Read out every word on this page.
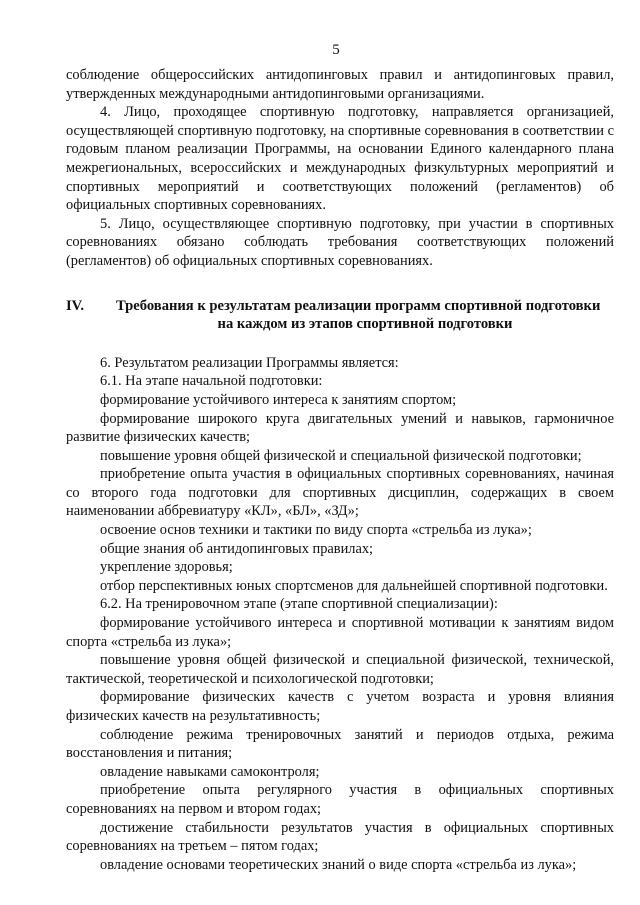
5

соблюдение общероссийских антидопинговых правил и антидопинговых правил, утвержденных международными антидопинговыми организациями.

4. Лицо, проходящее спортивную подготовку, направляется организацией, осуществляющей спортивную подготовку, на спортивные соревнования в соответствии с годовым планом реализации Программы, на основании Единого календарного плана межрегиональных, всероссийских и международных физкультурных мероприятий и спортивных мероприятий и соответствующих положений (регламентов) об официальных спортивных соревнованиях.

5. Лицо, осуществляющее спортивную подготовку, при участии в спортивных соревнованиях обязано соблюдать требования соответствующих положений (регламентов) об официальных спортивных соревнованиях.

IV.	Требования к результатам реализации программ спортивной подготовки
на каждом из этапов спортивной подготовки

6. Результатом реализации Программы является:

6.1. На этапе начальной подготовки:

формирование устойчивого интереса к занятиям спортом;

формирование широкого круга двигательных умений и навыков, гармоничное развитие физических качеств;

повышение уровня общей физической и специальной физической подготовки;

приобретение опыта участия в официальных спортивных соревнованиях, начиная со второго года подготовки для спортивных дисциплин, содержащих в своем наименовании аббревиатуру «КЛ», «БЛ», «ЗД»;

освоение основ техники и тактики по виду спорта «стрельба из лука»;

общие знания об антидопинговых правилах;

укрепление здоровья;

отбор перспективных юных спортсменов для дальнейшей спортивной подготовки.

6.2. На тренировочном этапе (этапе спортивной специализации):

формирование устойчивого интереса и спортивной мотивации к занятиям видом спорта «стрельба из лука»;

повышение уровня общей физической и специальной физической, технической, тактической, теоретической и психологической подготовки;

формирование физических качеств с учетом возраста и уровня влияния физических качеств на результативность;

соблюдение режима тренировочных занятий и периодов отдыха, режима восстановления и питания;

овладение навыками самоконтроля;

приобретение опыта регулярного участия в официальных спортивных соревнованиях на первом и втором годах;

достижение стабильности результатов участия в официальных спортивных соревнованиях на третьем – пятом годах;

овладение основами теоретических знаний о виде спорта «стрельба из лука»;
